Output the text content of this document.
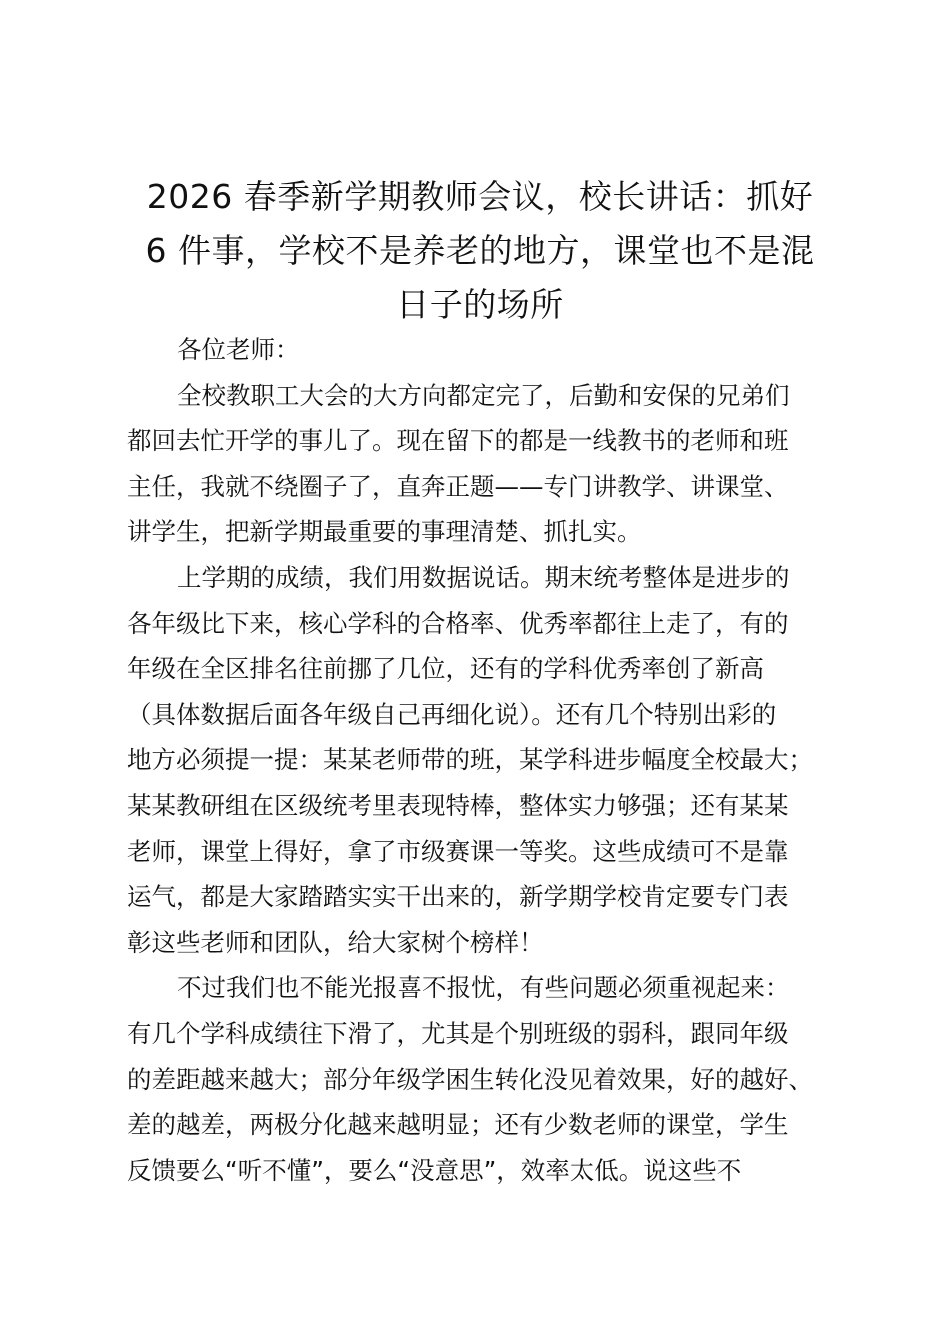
2026 春季新学期教师会议，校长讲话：抓好
6 件事，学校不是养老的地方，课堂也不是混
日子的场所

各位老师：

全校教职工大会的大方向都定完了，后勤和安保的兄弟们
都回去忙开学的事儿了。现在留下的都是一线教书的老师和班
主任，我就不绕圈子了，直奔正题——专门讲教学、讲课堂、
讲学生，把新学期最重要的事理清楚、抓扎实。

上学期的成绩，我们用数据说话。期末统考整体是进步的
各年级比下来，核心学科的合格率、优秀率都往上走了，有的
年级在全区排名往前挪了几位，还有的学科优秀率创了新高
（具体数据后面各年级自己再细化说）。还有几个特别出彩的
地方必须提一提：某某老师带的班，某学科进步幅度全校最大；
某某教研组在区级统考里表现特棒，整体实力够强；还有某某
老师，课堂上得好，拿了市级赛课一等奖。这些成绩可不是靠
运气，都是大家踏踏实实干出来的，新学期学校肯定要专门表
彰这些老师和团队，给大家树个榜样！

不过我们也不能光报喜不报忧，有些问题必须重视起来：
有几个学科成绩往下滑了，尤其是个别班级的弱科，跟同年级
的差距越来越大；部分年级学困生转化没见着效果，好的越好、
差的越差，两极分化越来越明显；还有少数老师的课堂，学生
反馈要么“听不懂”，要么“没意思”，效率太低。说这些不
